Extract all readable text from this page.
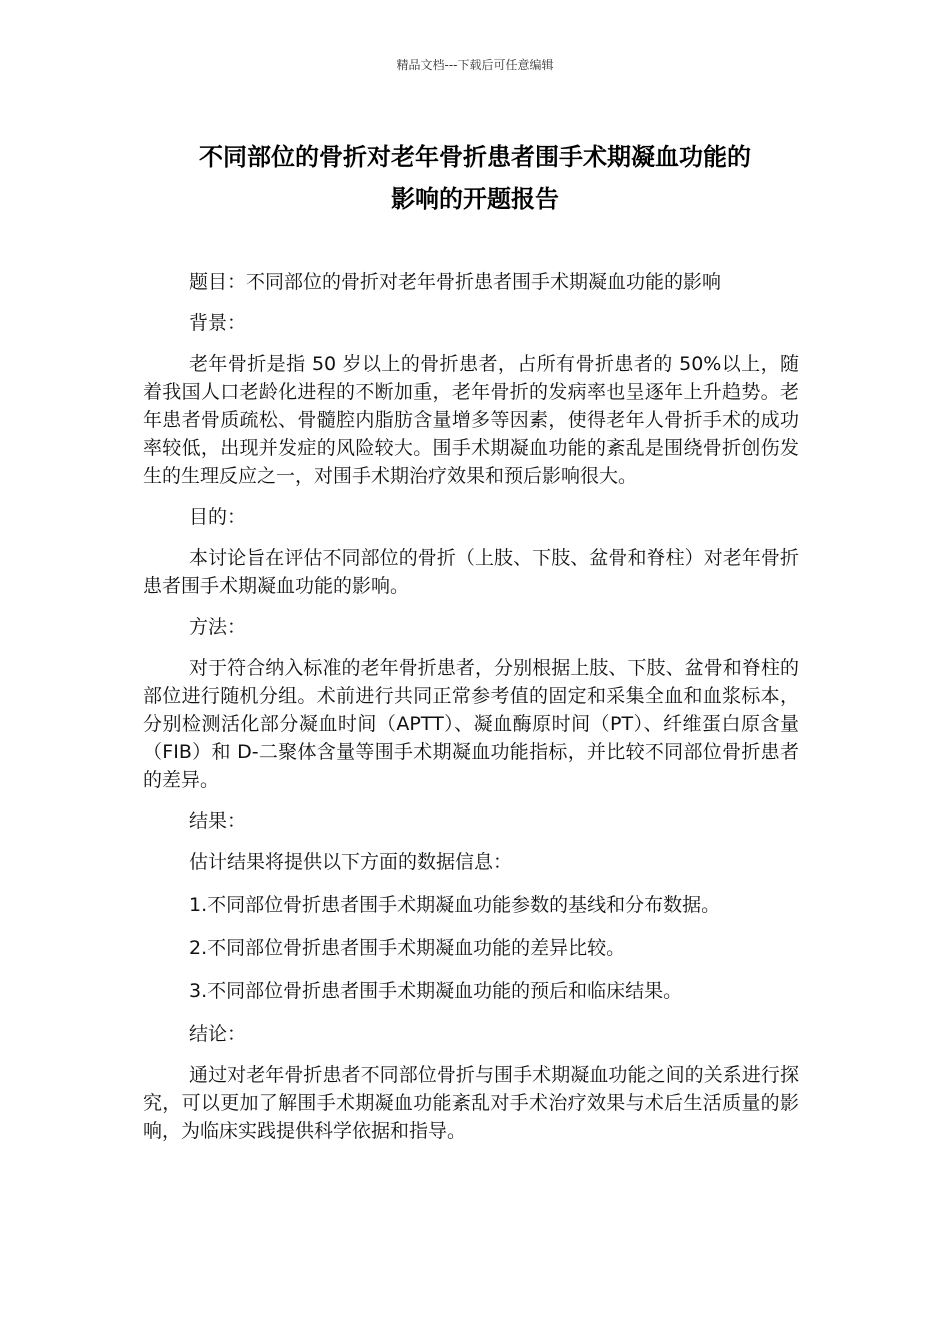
精品文档---下载后可任意编辑
不同部位的骨折对老年骨折患者围手术期凝血功能的
影响的开题报告

题目：不同部位的骨折对老年骨折患者围手术期凝血功能的影响

背景：

老年骨折是指 50 岁以上的骨折患者，占所有骨折患者的 50%以上，随着我国人口老龄化进程的不断加重，老年骨折的发病率也呈逐年上升趋势。老年患者骨质疏松、骨髓腔内脂肪含量增多等因素，使得老年人骨折手术的成功率较低，出现并发症的风险较大。围手术期凝血功能的紊乱是围绕骨折创伤发生的生理反应之一，对围手术期治疗效果和预后影响很大。

目的：

本讨论旨在评估不同部位的骨折（上肢、下肢、盆骨和脊柱）对老年骨折患者围手术期凝血功能的影响。

方法：

对于符合纳入标准的老年骨折患者，分别根据上肢、下肢、盆骨和脊柱的部位进行随机分组。术前进行共同正常参考值的固定和采集全血和血浆标本，分别检测活化部分凝血时间（APTT）、凝血酶原时间（PT）、纤维蛋白原含量（FIB）和 D-二聚体含量等围手术期凝血功能指标，并比较不同部位骨折患者的差异。

结果：

估计结果将提供以下方面的数据信息：

1.不同部位骨折患者围手术期凝血功能参数的基线和分布数据。

2.不同部位骨折患者围手术期凝血功能的差异比较。

3.不同部位骨折患者围手术期凝血功能的预后和临床结果。

结论：

通过对老年骨折患者不同部位骨折与围手术期凝血功能之间的关系进行探究，可以更加了解围手术期凝血功能紊乱对手术治疗效果与术后生活质量的影响，为临床实践提供科学依据和指导。
